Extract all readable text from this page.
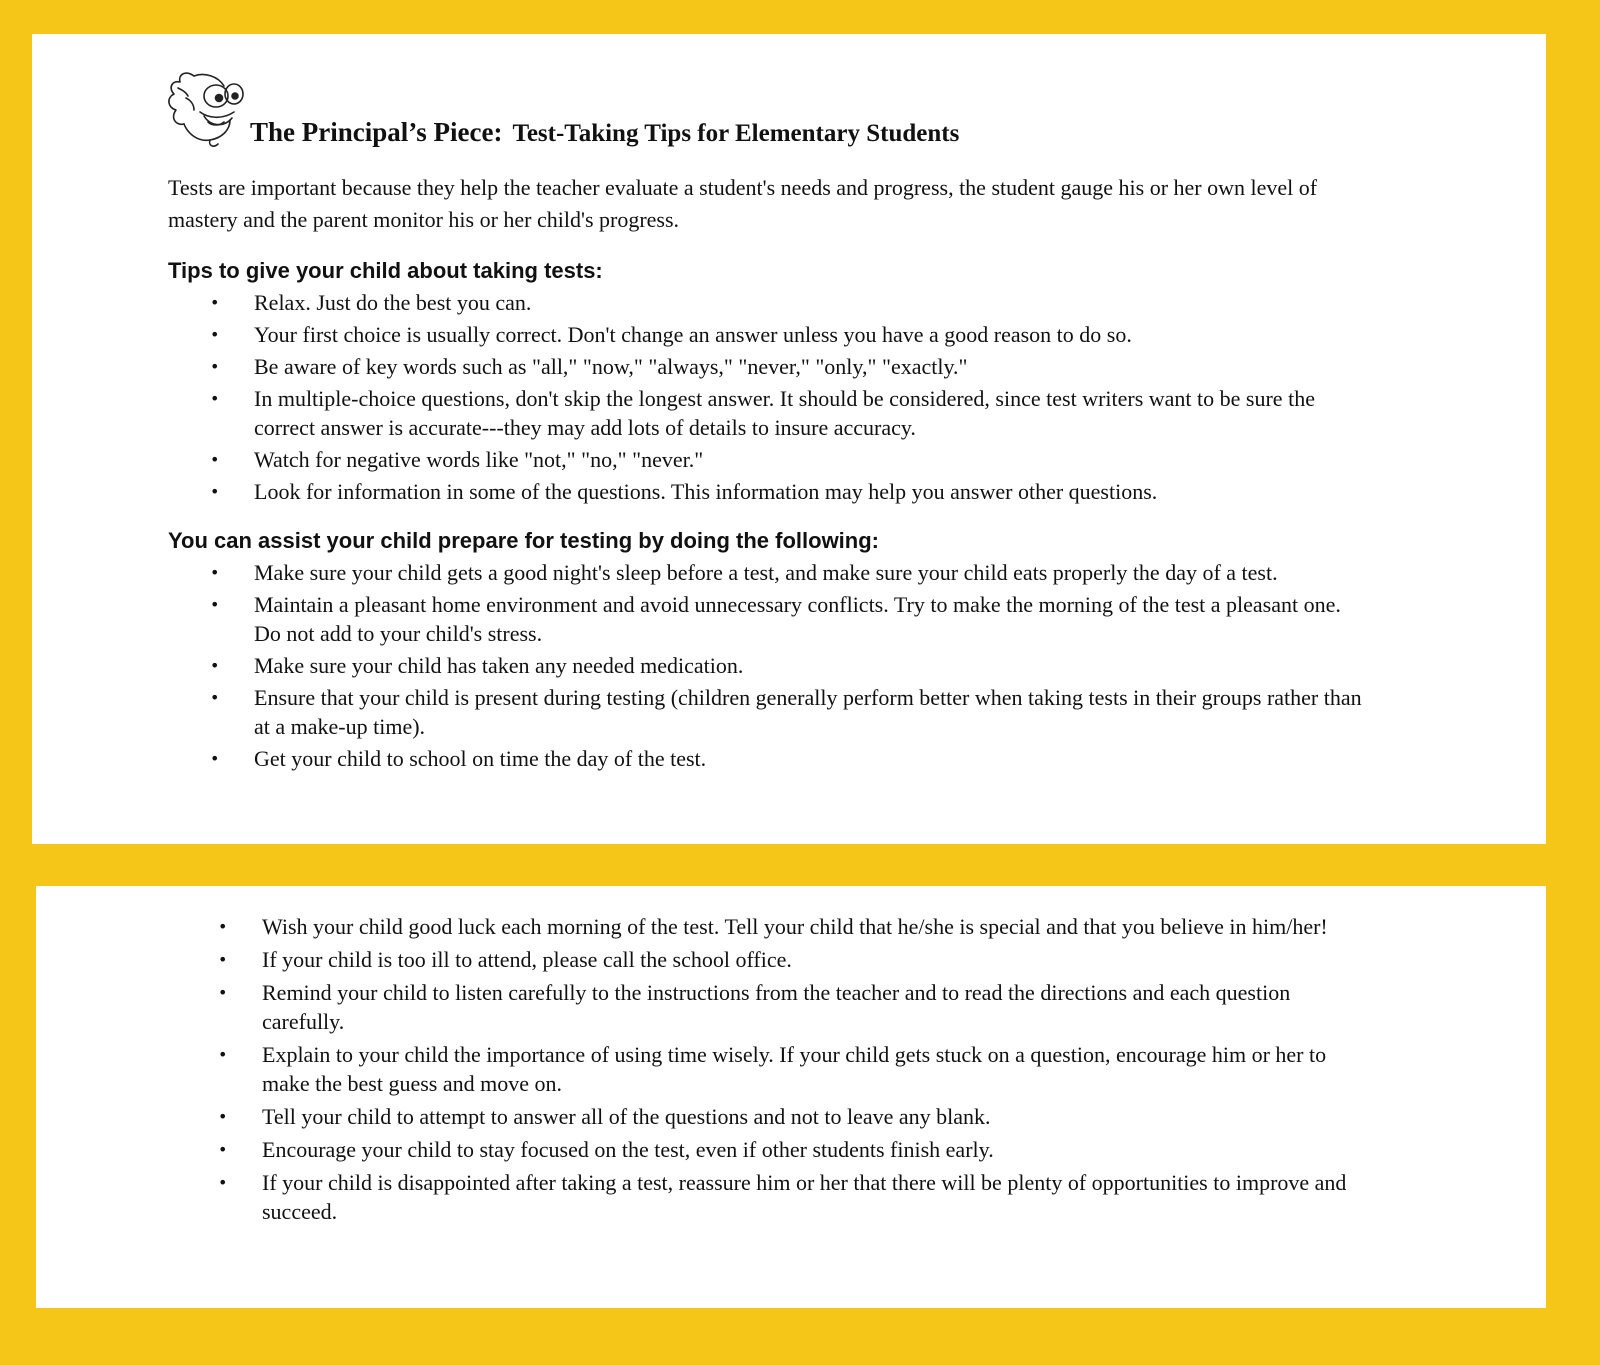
The Principal’s Piece: Test-Taking Tips for Elementary Students

Tests are important because they help the teacher evaluate a student's needs and progress, the student gauge his or her own level of mastery and the parent monitor his or her child's progress.

Tips to give your child about taking tests:
•	Relax. Just do the best you can.
•	Your first choice is usually correct. Don't change an answer unless you have a good reason to do so.
•	Be aware of key words such as "all," "now," "always," "never," "only," "exactly."
•	In multiple-choice questions, don't skip the longest answer. It should be considered, since test writers want to be sure the correct answer is accurate---they may add lots of details to insure accuracy.
•	Watch for negative words like "not," "no," "never."
•	Look for information in some of the questions. This information may help you answer other questions.
You can assist your child prepare for testing by doing the following:
•	Make sure your child gets a good night's sleep before a test, and make sure your child eats properly the day of a test.
•	Maintain a pleasant home environment and avoid unnecessary conflicts. Try to make the morning of the test a pleasant one. Do not add to your child's stress.
•	Make sure your child has taken any needed medication.
•	Ensure that your child is present during testing (children generally perform better when taking tests in their groups rather than at a make-up time).
•	Get your child to school on time the day of the test.
•	Wish your child good luck each morning of the test. Tell your child that he/she is special and that you believe in him/her!
•	If your child is too ill to attend, please call the school office.
•	Remind your child to listen carefully to the instructions from the teacher and to read the directions and each question carefully.
•	Explain to your child the importance of using time wisely. If your child gets stuck on a question, encourage him or her to make the best guess and move on.
•	Tell your child to attempt to answer all of the questions and not to leave any blank.
•	Encourage your child to stay focused on the test, even if other students finish early.
•	If your child is disappointed after taking a test, reassure him or her that there will be plenty of opportunities to improve and succeed.
